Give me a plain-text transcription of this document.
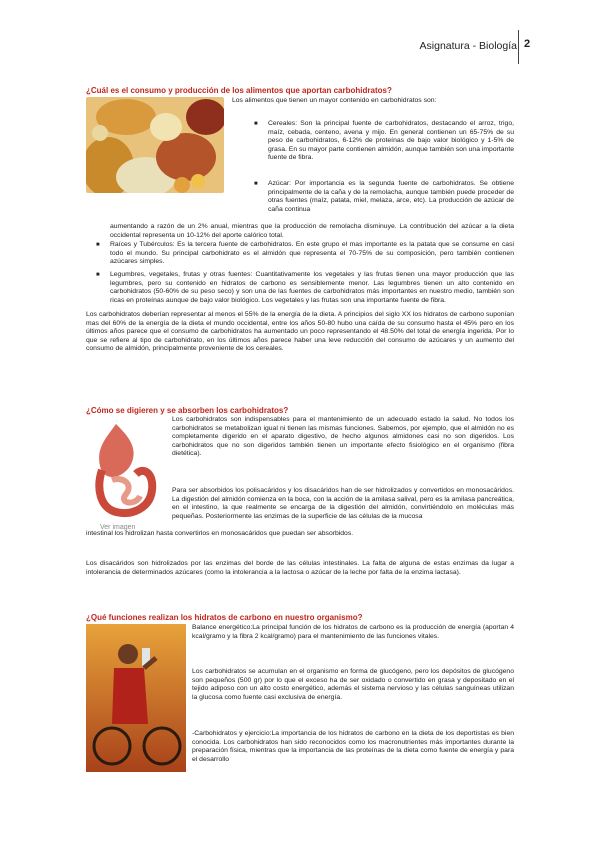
Asignatura - Biología 2
¿Cuál es el consumo y producción de los alimentos que aportan carbohidratos?
Los alimentos que tienen un mayor contenido en carbohidratos son:
■ Cereales: Son la principal fuente de carbohidratos, destacando el arroz, trigo, maíz, cebada, centeno, avena y mijo. En general contienen un 65-75% de su peso de carbohidratos, 6-12% de proteínas de bajo valor biológico y 1-5% de grasa. En su mayor parte contienen almidón, aunque también son una importante fuente de fibra.
■ Azúcar: Por importancia es la segunda fuente de carbohidratos. Se obtiene principalmente de la caña y de la remolacha, aunque también puede proceder de otras fuentes (maíz, patata, miel, melaza, arce, etc). La producción de azúcar de caña continua
aumentando a razón de un 2% anual, mientras que la producción de remolacha disminuye. La contribución del azúcar a la dieta occidental representa un 10-12% del aporte calórico total.
■ Raíces y Tubérculos: Es la tercera fuente de carbohidratos. En este grupo el mas importante es la patata que se consume en casi todo el mundo. Su principal carbohidrato es el almidón que representa el 70-75% de su composición, pero también contienen azúcares simples.
■ Legumbres, vegetales, frutas y otras fuentes: Cuantitativamente los vegetales y las frutas tienen una mayor producción que las legumbres, pero su contenido en hidratos de carbono es sensiblemente menor. Las legumbres tienen un alto contenido en carbohidratos (50-60% de su peso seco) y son una de las fuentes de carbohidratos más importantes en nuestro medio, también son ricas en proteínas aunque de bajo valor biológico. Los vegetales y las frutas son una importante fuente de fibra.
Los carbohidratos deberían representar al menos el 55% de la energía de la dieta. A principios del siglo XX los hidratos de carbono suponían mas del 60% de la energía de la dieta el mundo occidental, entre los años 50-80 hubo una caída de su consumo hasta el 45% pero en los últimos años parece que el consumo de carbohidratos ha aumentado un poco representando el 48.50% del total de energía ingerida. Por lo que se refiere al tipo de carbohidrato, en los últimos años parece haber una leve reducción del consumo de azúcares y un aumento del consumo de almidón, principalmente proveniente de los cereales.
¿Cómo se digieren y se absorben los carbohidratos?
Ver imagen
Los carbohidratos son indispensables para el mantenimiento de un adecuado estado la salud. No todos los carbohidratos se metabolizan igual ni tienen las mismas funciones. Sabemos, por ejemplo, que el almidón no es completamente digerido en el aparato digestivo, de hecho algunos almidones casi no son digeridos. Los carbohidratos que no son digeridos también tienen un importante efecto fisiológico en el organismo (fibra dietética).
Para ser absorbidos los polisacáridos y los disacáridos han de ser hidrolizados y convertidos en monosacáridos. La digestión del almidón comienza en la boca, con la acción de la amilasa salival, pero es la amilasa pancreática, en el intestino, la que realmente se encarga de la digestión del almidón, convirtiéndolo en moléculas más pequeñas. Posteriormente las enzimas de la superficie de las células de la mucosa
intestinal los hidrolizan hasta convertirlos en monosacáridos que puedan ser absorbidos.
Los disacáridos son hidrolizados por las enzimas del borde de las células intestinales. La falta de alguna de estas enzimas da lugar a intolerancia de determinados azúcares (como la intolerancia a la lactosa o azúcar de la leche por falta de la enzima lactasa).
¿Qué funciones realizan los hidratos de carbono en nuestro organismo?
Balance energético:La principal función de los hidratos de carbono es la producción de energía (aportan 4 kcal/gramo y la fibra 2 kcal/gramo) para el mantenimiento de las funciones vitales.
Los carbohidratos se acumulan en el organismo en forma de glucógeno, pero los depósitos de glucógeno son pequeños (500 gr) por lo que el exceso ha de ser oxidado o convertido en grasa y depositado en el tejido adiposo con un alto costo energético, además el sistema nervioso y las células sanguíneas utilizan la glucosa como fuente casi exclusiva de energía.
-Carbohidratos y ejercicio:La importancia de los hidratos de carbono en la dieta de los deportistas es bien conocida. Los carbohidratos han sido reconocidos como los macronutrientes más importantes durante la preparación física, mientras que la importancia de las proteínas de la dieta como fuente de energía y para el desarrollo
